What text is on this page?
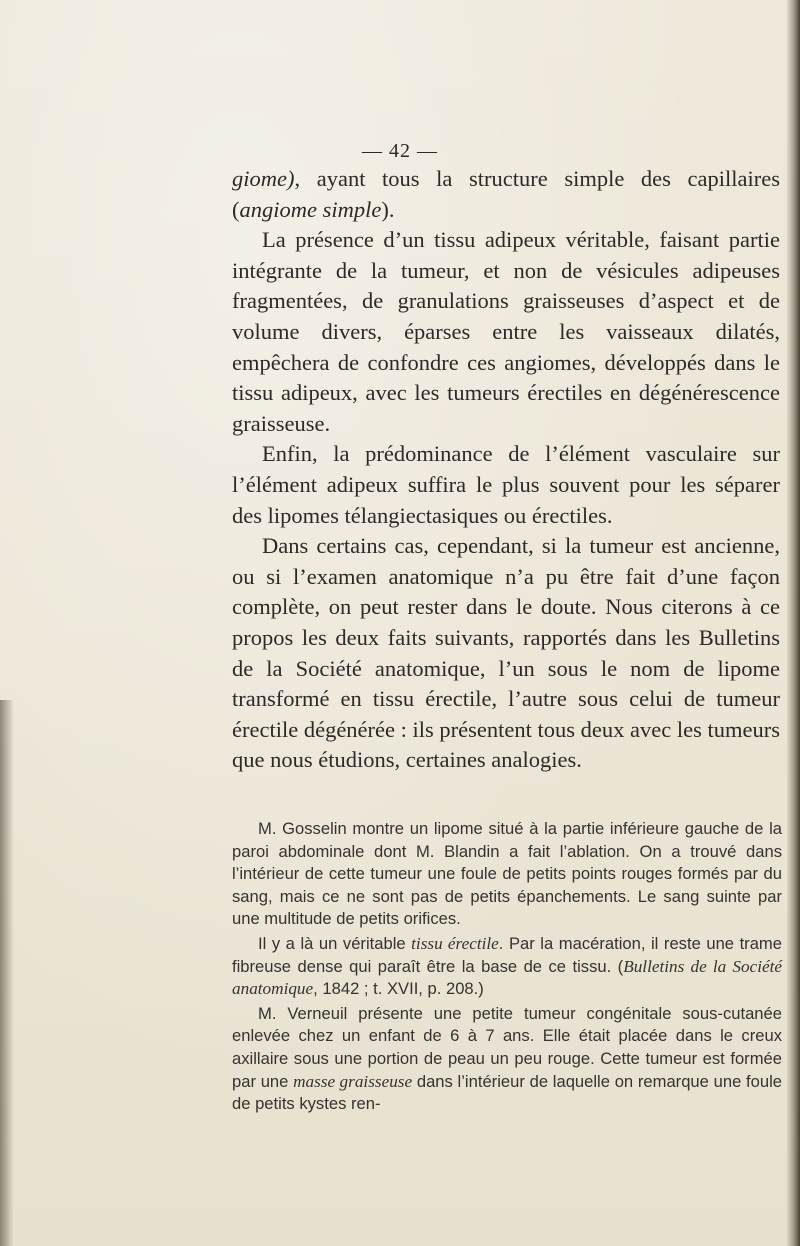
— 42 —

giome), ayant tous la structure simple des capillaires (angiome simple).

La présence d’un tissu adipeux véritable, faisant partie intégrante de la tumeur, et non de vésicules adipeuses fragmentées, de granulations graisseuses d’aspect et de volume divers, éparses entre les vaisseaux dilatés, empêchera de confondre ces angiomes, développés dans le tissu adipeux, avec les tumeurs érectiles en dégénérescence graisseuse.

Enfin, la prédominance de l’élément vasculaire sur l’élément adipeux suffira le plus souvent pour les séparer des lipomes télangiectasiques ou érectiles.

Dans certains cas, cependant, si la tumeur est ancienne, ou si l’examen anatomique n’a pu être fait d’une façon complète, on peut rester dans le doute. Nous citerons à ce propos les deux faits suivants, rapportés dans les Bulletins de la Société anatomique, l’un sous le nom de lipome transformé en tissu érectile, l’autre sous celui de tumeur érectile dégénérée : ils présentent tous deux avec les tumeurs que nous étudions, certaines analogies.

M. Gosselin montre un lipome situé à la partie inférieure gauche de la paroi abdominale dont M. Blandin a fait l’ablation. On a trouvé dans l’intérieur de cette tumeur une foule de petits points rouges formés par du sang, mais ce ne sont pas de petits épanchements. Le sang suinte par une multitude de petits orifices.

Il y a là un véritable tissu érectile. Par la macération, il reste une trame fibreuse dense qui paraît être la base de ce tissu. (Bulletins de la Société anatomique, 1842 ; t. XVII, p. 208.)

M. Verneuil présente une petite tumeur congénitale sous-cutanée enlevée chez un enfant de 6 à 7 ans. Elle était placée dans le creux axillaire sous une portion de peau un peu rouge. Cette tumeur est formée par une masse graisseuse dans l’intérieur de laquelle on remarque une foule de petits kystes ren-
